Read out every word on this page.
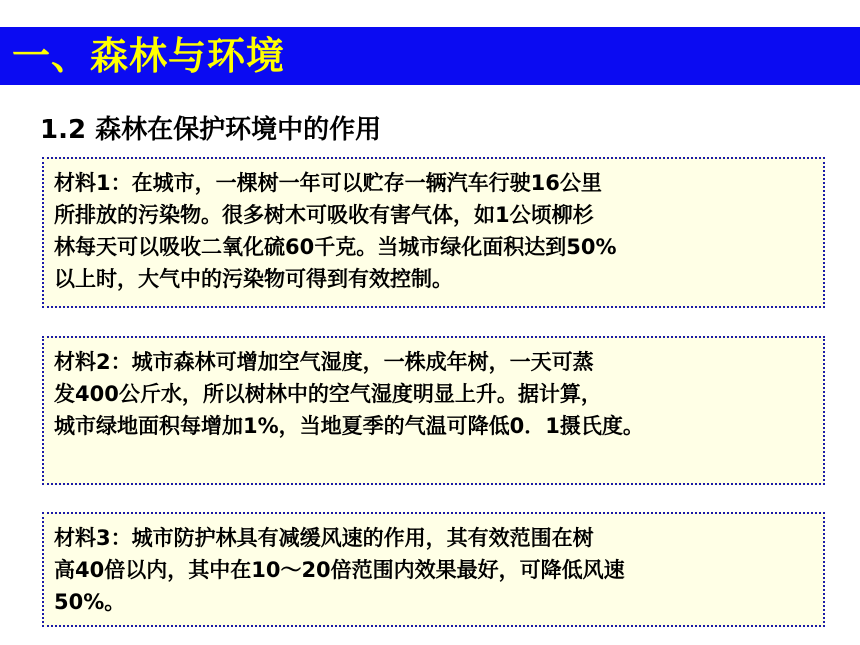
一、森林与环境
1.2 森林在保护环境中的作用
材料1：在城市，一棵树一年可以贮存一辆汽车行驶16公里
所排放的污染物。很多树木可吸收有害气体，如1公顷柳杉
林每天可以吸收二氧化硫60千克。当城市绿化面积达到50%
以上时，大气中的污染物可得到有效控制。
材料2：城市森林可增加空气湿度，一株成年树，一天可蒸
发400公斤水，所以树林中的空气湿度明显上升。据计算，
城市绿地面积每增加1%，当地夏季的气温可降低0．1摄氏度。
材料3：城市防护林具有减缓风速的作用，其有效范围在树
高40倍以内，其中在10～20倍范围内效果最好，可降低风速
50%。
